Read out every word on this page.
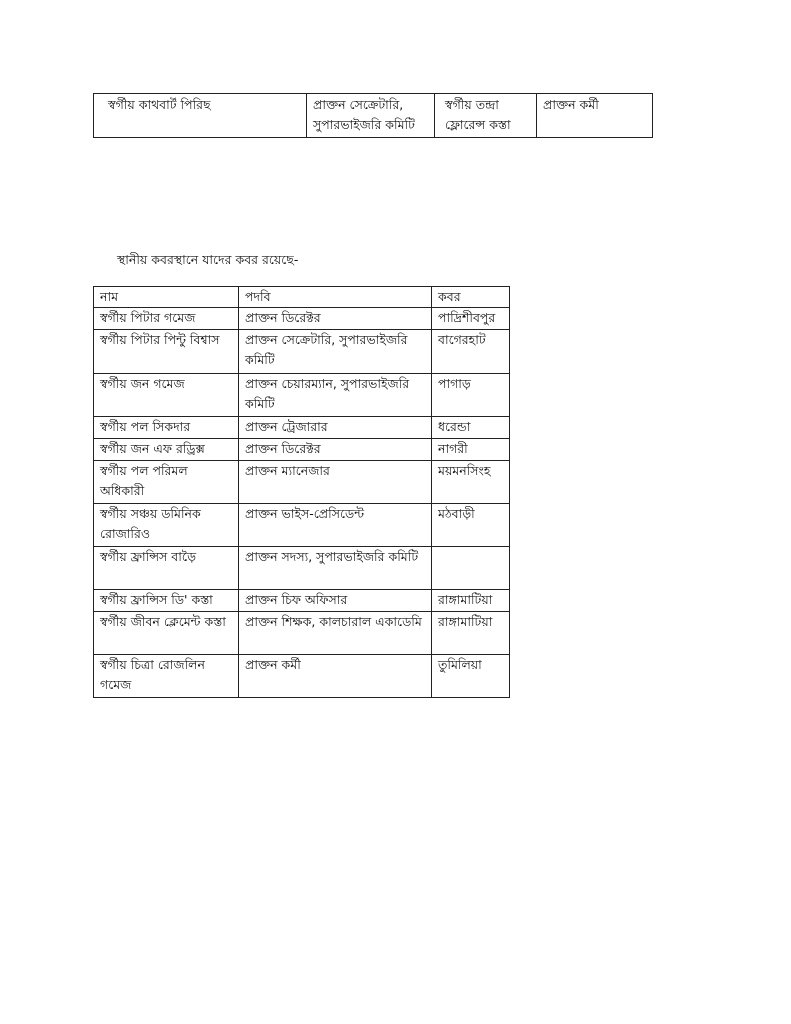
স্বর্গীয় কাথবার্ট পিরিছ	প্রাক্তন সেক্রেটারি, সুপারভাইজরি কমিটি	স্বর্গীয় তন্দ্রা ফ্লোরেন্স কস্তা	প্রাক্তন কর্মী

স্থানীয় কবরস্থানে যাদের কবর রয়েছে-

নাম	পদবি	কবর
স্বর্গীয় পিটার গমেজ	প্রাক্তন ডিরেক্টর	পাদ্রিশীবপুর
স্বর্গীয় পিটার পিন্টু বিশ্বাস	প্রাক্তন সেক্রেটারি, সুপারভাইজরি কমিটি	বাগেরহাট
স্বর্গীয় জন গমেজ	প্রাক্তন চেয়ারম্যান, সুপারভাইজরি কমিটি	পাগাড়
স্বর্গীয় পল সিকদার	প্রাক্তন ট্রেজারার	ধরেন্ডা
স্বর্গীয় জন এফ রড্রিক্স	প্রাক্তন ডিরেক্টর	নাগরী
স্বর্গীয় পল পরিমল অধিকারী	প্রাক্তন ম্যানেজার	ময়মনসিংহ
স্বর্গীয় সঞ্চয় ডমিনিক রোজারিও	প্রাক্তন ভাইস-প্রেসিডেন্ট	মঠবাড়ী
স্বর্গীয় ফ্রান্সিস বাড়ৈ	প্রাক্তন সদস্য, সুপারভাইজরি কমিটি	
স্বর্গীয় ফ্রান্সিস ডি' কস্তা	প্রাক্তন চিফ অফিসার	রাঙ্গামাটিয়া
স্বর্গীয় জীবন ক্লেমেন্ট কস্তা	প্রাক্তন শিক্ষক, কালচারাল একাডেমি	রাঙ্গামাটিয়া
স্বর্গীয় চিত্রা রোজলিন গমেজ	প্রাক্তন কর্মী	তুমিলিয়া
